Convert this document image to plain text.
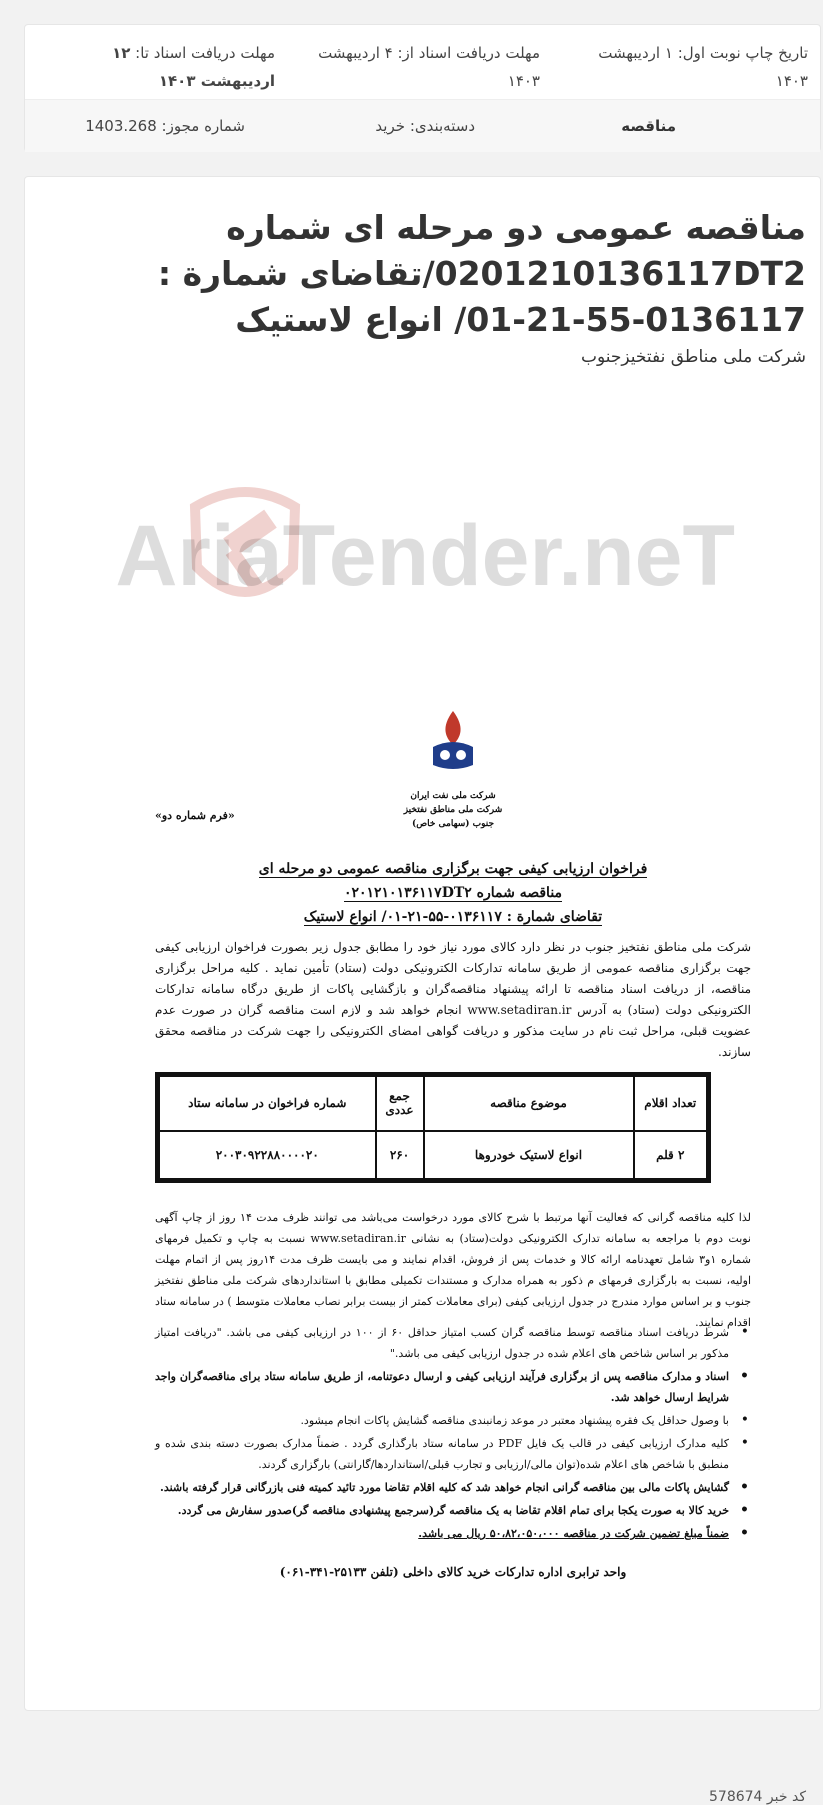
تاریخ چاپ نوبت اول: ۱ اردیبهشت ۱۴۰۳
مهلت دریافت اسناد از: ۴ اردیبهشت ۱۴۰۳
مهلت دریافت اسناد تا: ۱۲ اردیبهشت ۱۴۰۳
مناقصه
دسته‌بندی: خرید
شماره مجوز: 1403.268
مناقصه عمومی دو مرحله ای شماره 0201210136117DT2/تقاضای شمارة : 0136117-55-21-01/ انواع لاستیک
شرکت ملی مناطق نفتخیزجنوب
AriaTender.neT
شرکت ملی نفت ایران
شرکت ملی مناطق نفتخیز جنوب (سهامی خاص)
«فرم شماره دو»
فراخوان ارزیابی کیفی جهت برگزاری مناقصه عمومی دو مرحله ای
مناقصه شماره ۰۲۰۱۲۱۰۱۳۶۱۱۷DT۲
تقاضای شمارة : ۰۱۳۶۱۱۷-۵۵-۲۱-۰۱/ انواع لاستیک

شرکت ملی مناطق نفتخیز جنوب در نظر دارد کالای مورد نیاز خود را مطابق جدول زیر بصورت فراخوان ارزیابی کیفی جهت برگزاری مناقصه عمومی از طریق سامانه تدارکات الکترونیکی دولت (ستاد) تأمین نماید . کلیه مراحل برگزاری مناقصه، از دریافت اسناد مناقصه تا ارائه پیشنهاد مناقصه‌گران و بازگشایی پاکات از طریق درگاه سامانه تدارکات الکترونیکی دولت (ستاد) به آدرس www.setadiran.ir انجام خواهد شد و لازم است مناقصه گران در صورت عدم عضویت قبلی، مراحل ثبت نام در سایت مذکور و دریافت گواهی امضای الکترونیکی را جهت شرکت در مناقصه محقق سازند.

تعداد اقلام	موضوع مناقصه	جمع عددی	شماره فراخوان در سامانه ستاد
۲ قلم	انواع لاستیک خودروها	۲۶۰	۲۰۰۳۰۹۲۲۸۸۰۰۰۰۲۰

لذا کلیه مناقصه گرانی که فعالیت آنها مرتبط با شرح کالای مورد درخواست می‌باشد می توانند ظرف مدت ۱۴ روز از چاپ آگهی نوبت دوم با مراجعه به سامانه تدارک الکترونیکی دولت(ستاد) به نشانی www.setadiran.ir نسبت به چاپ و تکمیل فرمهای شماره ۱و۳ شامل تعهدنامه ارائه کالا و خدمات پس از فروش، اقدام نمایند و می بایست ظرف مدت ۱۴روز پس از اتمام مهلت اولیه، نسبت به بارگزاری فرمهای م ذکور به همراه مدارک و مستندات تکمیلی مطابق با استانداردهای شرکت ملی مناطق نفتخیز جنوب و بر اساس موارد مندرج در جدول ارزیابی کیفی (برای معاملات کمتر از بیست برابر نصاب معاملات متوسط ) در سامانه ستاد اقدام نمایند.

• شرط دریافت اسناد مناقصه توسط مناقصه گران کسب امتیاز حداقل ۶۰ از ۱۰۰ در ارزیابی کیفی می باشد. "دریافت امتیاز مذکور بر اساس شاخص های اعلام شده در جدول ارزیابی کیفی می باشد."
• اسناد و مدارک مناقصه پس از برگزاری فرآیند ارزیابی کیفی و ارسال دعوتنامه، از طریق سامانه ستاد برای مناقصه‌گران واجد شرایط ارسال خواهد شد.
• با وصول حداقل یک فقره پیشنهاد معتبر در موعد زمانبندی مناقصه گشایش پاکات انجام میشود.
• کلیه مدارک ارزیابی کیفی در قالب یک فایل PDF در سامانه ستاد بارگذاری گردد . ضمناً مدارک بصورت دسته بندی شده و منطبق با شاخص های اعلام شده(توان مالی/ارزیابی و تجارب قبلی/استانداردها/گارانتی) بارگزاری گردند.
• گشایش پاکات مالی بین مناقصه گرانی انجام خواهد شد که کلیه اقلام تقاضا مورد تائید کمیته فنی بازرگانی قرار گرفته باشند.
• خرید کالا به صورت یکجا برای تمام اقلام تقاضا به یک مناقصه گر(سرجمع پیشنهادی مناقصه گر)صدور سفارش می گردد.
• ضمناً مبلغ تضمین شرکت در مناقصه ۵۰،۸۲،۰۵۰،۰۰۰ ریال می باشد.
واحد ترابری اداره تدارکات خرید کالای داخلی (تلفن ۲۵۱۳۳-۳۴۱-۰۶۱)
کد خبر 578674
